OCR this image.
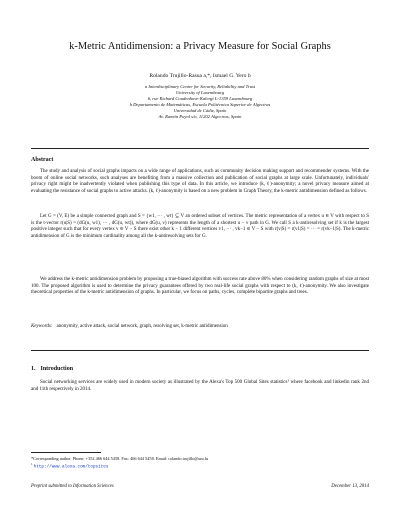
k-Metric Antidimension: a Privacy Measure for Social Graphs
Rolando Trujillo-Rasua a,*, Ismael G. Yero b
a Interdisciplinary Centre for Security, Reliability and Trust
University of Luxembourg
6, rue Richard Coudenhove-Kalergi L-1359 Luxembourg
b Departamento de Matemáticas, Escuela Politécnica Superior de Algeciras
Universidad de Cádiz, Spain
Av. Ramón Puyol s/n, 11202 Algeciras, Spain
Abstract
The study and analysis of social graphs impacts on a wide range of applications, such as community decision making support and recommender systems. With the boom of online social networks, such analyses are benefiting from a massive collection and publication of social graphs at large scale. Unfortunately, individuals' privacy right might be inadvertently violated when publishing this type of data. In this article, we introduce (k, ℓ)-anonymity; a novel privacy measure aimed at evaluating the resistance of social graphs to active attacks. (k, ℓ)-anonymity is based on a new problem in Graph Theory, the k-metric antidimension defined as follows.
Let G = (V, E) be a simple connected graph and S = {w1, ··· , wt} ⊆ V an ordered subset of vertices. The metric representation of a vertex u ∈ V with respect to S is the t-vector r(u|S) = (dG(u, w1), ··· , dG(u, wt)), where dG(u, v) represents the length of a shortest u − v path in G. We call S a k-antiresolving set if k is the largest positive integer such that for every vertex v ∈ V − S there exist other k − 1 different vertices v1, ··· , vk−1 ∈ V − S with r(v|S) = r(v1|S) = ··· = r(vk−1|S). The k-metric antidimension of G is the minimum cardinality among all the k-antiresolving sets for G.
We address the k-metric antidimension problem by proposing a true-biased algorithm with success rate above 80% when considering random graphs of size at most 100. The proposed algorithm is used to determine the privacy guarantees offered by two real-life social graphs with respect to (k, ℓ)-anonymity. We also investigate theoretical properties of the k-metric antidimension of graphs. In particular, we focus on paths, cycles, complete bipartite graphs and trees.
Keywords: anonymity, active attack, social network, graph, resolving set, k-metric antidimension
1. Introduction
Social networking services are widely used in modern society as illustrated by the Alexa's Top 500 Global Sites statistics¹ where facebook and linkedin rank 2nd and 11th respectively in 2014.
*Corresponding author. Phone: +352 466 644 5458. Fax: 466 644 5458. Email: rolando.trujillo@uni.lu
$^1$ http://www.alexa.com/topsites
Preprint submitted to Information Sciences	December 13, 2014
